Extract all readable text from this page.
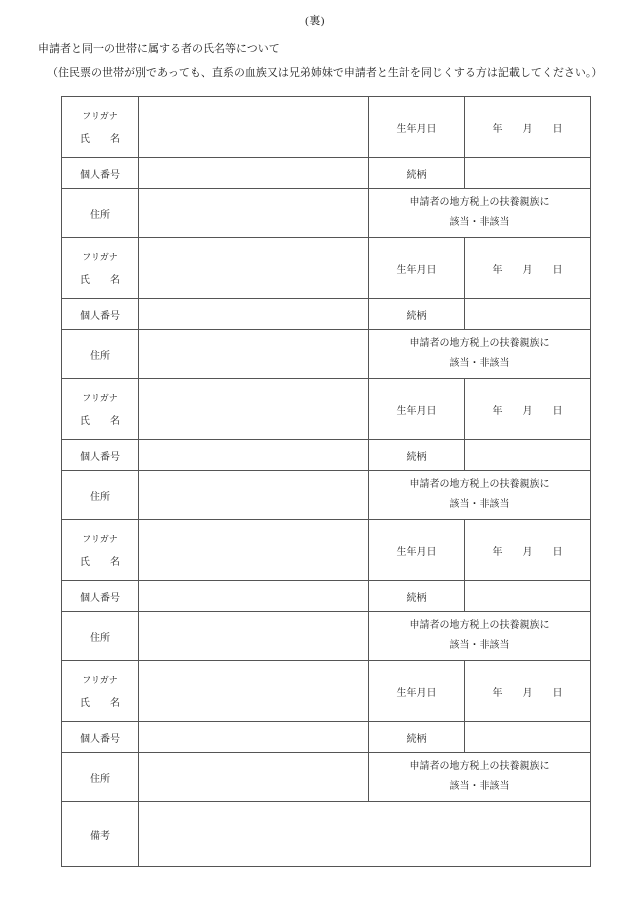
(裏)
申請者と同一の世帯に属する者の氏名等について
（住民票の世帯が別であっても、直系の血族又は兄弟姉妹で申請者と生計を同じくする方は記載してください。）
フリガナ
氏　　名		生年月日	年　　月　　日
個人番号		続柄	
住所		申請者の地方税上の扶養親族に
該当・非該当	

フリガナ
氏　　名		生年月日	年　　月　　日
個人番号		続柄	
住所		申請者の地方税上の扶養親族に
該当・非該当	

フリガナ
氏　　名		生年月日	年　　月　　日
個人番号		続柄	
住所		申請者の地方税上の扶養親族に
該当・非該当	

フリガナ
氏　　名		生年月日	年　　月　　日
個人番号		続柄	
住所		申請者の地方税上の扶養親族に
該当・非該当	

フリガナ
氏　　名		生年月日	年　　月　　日
個人番号		続柄	
住所		申請者の地方税上の扶養親族に
該当・非該当	

備考			
